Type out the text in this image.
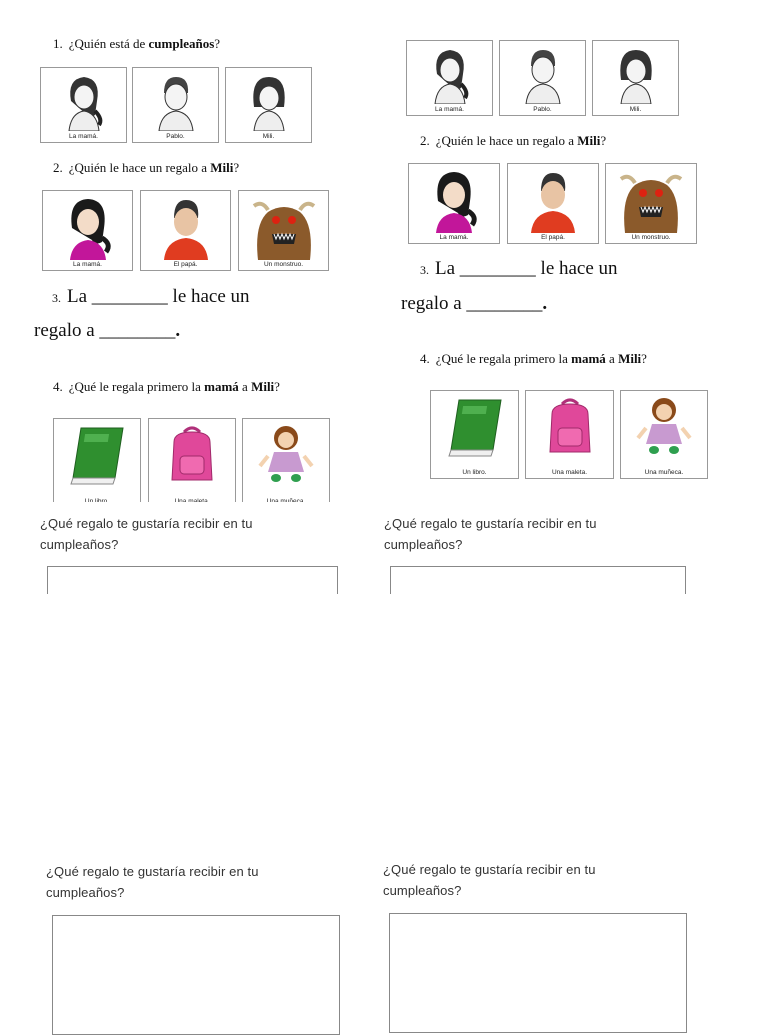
1. ¿Quién está de cumpleaños?
La mamá.	Pablo.	Mili.
2. ¿Quién le hace un regalo a Mili?
La mamá.	El papá.	Un monstruo.
3. La ________ le hace un
regalo a ________.
4. ¿Qué le regala primero la mamá a Mili?
La mamá.	Pablo.	Mili.
2. ¿Quién le hace un regalo a Mili?
La mamá.	El papá.	Un monstruo.
3. La ________ le hace un
regalo a ________.
4. ¿Qué le regala primero la mamá a Mili?
Un libro.	Una maleta.	Una muñeca.
¿Qué regalo te gustaría recibir en tu
cumpleaños?
¿Qué regalo te gustaría recibir en tu
cumpleaños?
¿Qué regalo te gustaría recibir en tu
cumpleaños?
¿Qué regalo te gustaría recibir en tu
cumpleaños?
